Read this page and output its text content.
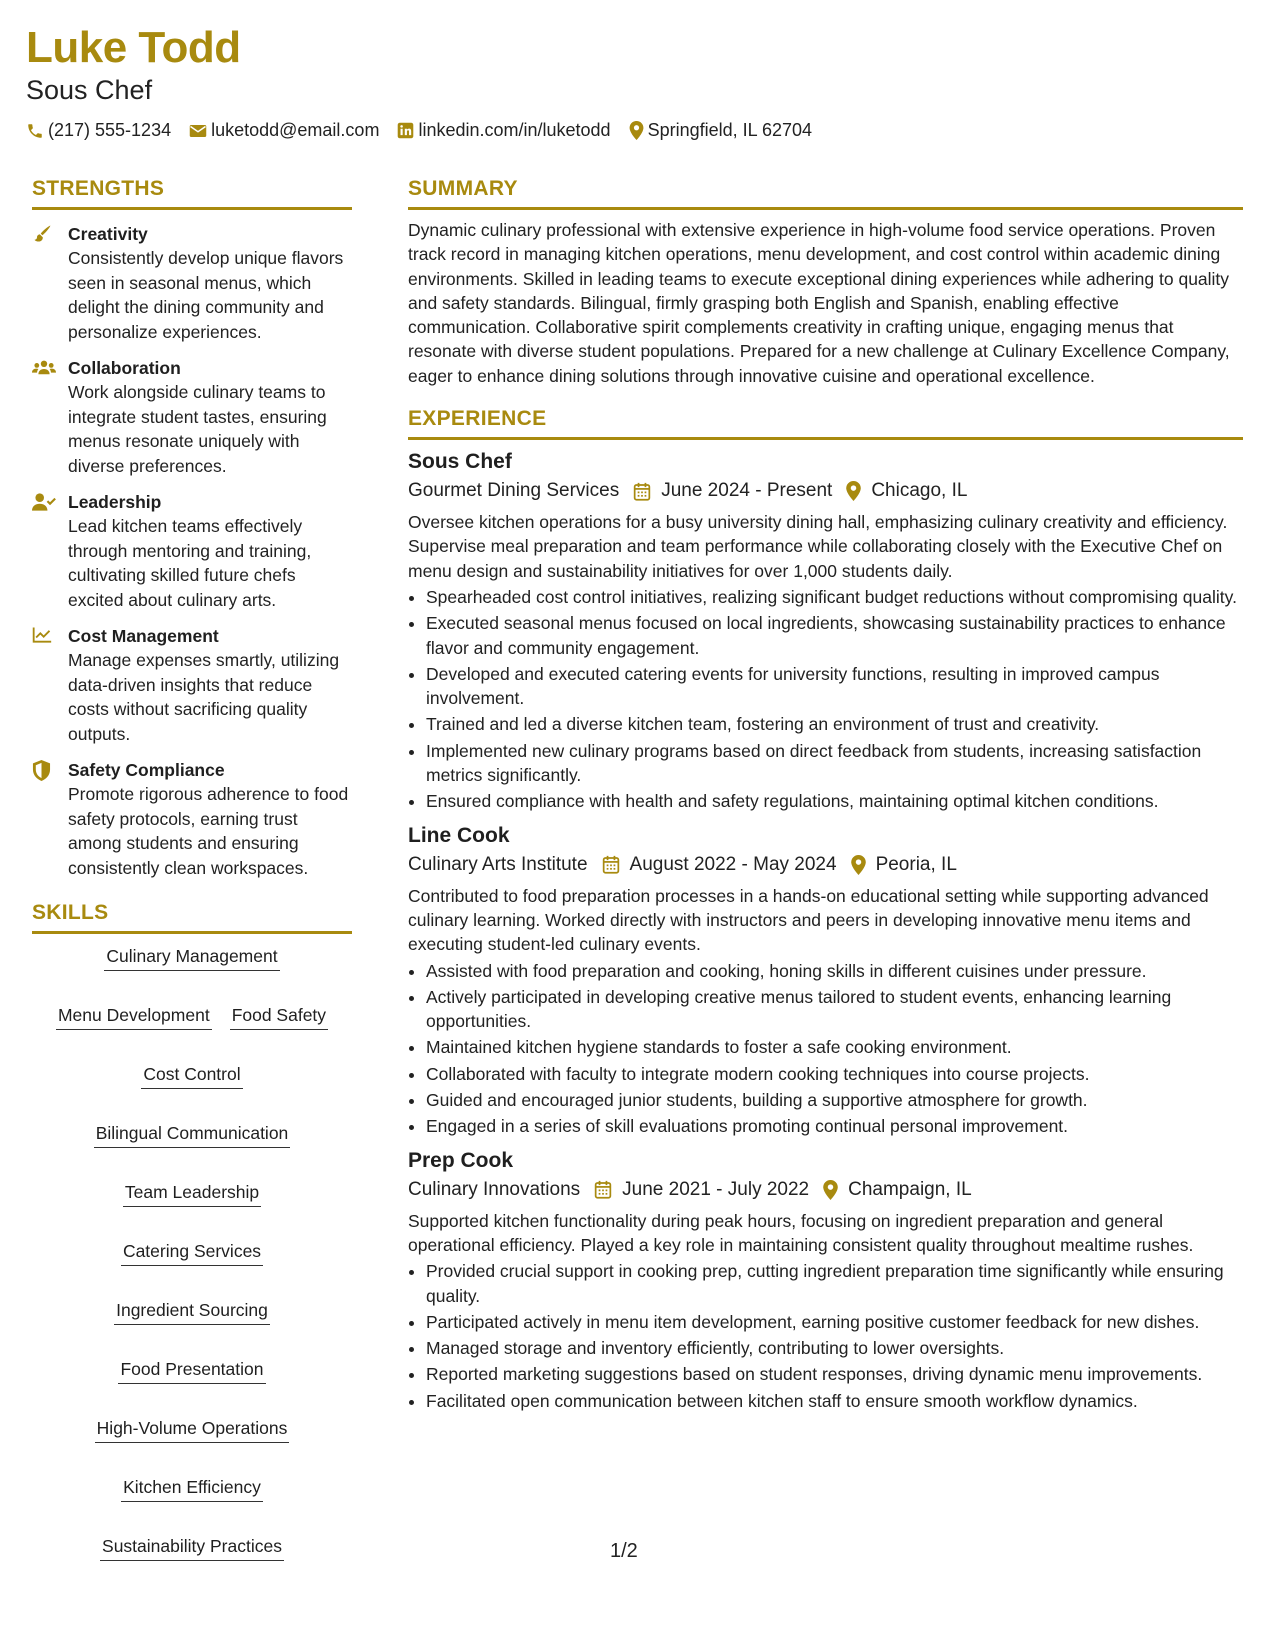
Luke Todd
Sous Chef
(217) 555-1234 luketodd@email.com linkedin.com/in/luketodd Springfield, IL 62704
STRENGTHS
Creativity
Consistently develop unique flavors seen in seasonal menus, which delight the dining community and personalize experiences.
Collaboration
Work alongside culinary teams to integrate student tastes, ensuring menus resonate uniquely with diverse preferences.
Leadership
Lead kitchen teams effectively through mentoring and training, cultivating skilled future chefs excited about culinary arts.
Cost Management
Manage expenses smartly, utilizing data-driven insights that reduce costs without sacrificing quality outputs.
Safety Compliance
Promote rigorous adherence to food safety protocols, earning trust among students and ensuring consistently clean workspaces.
SKILLS
Culinary Management
Menu Development Food Safety
Cost Control
Bilingual Communication
Team Leadership
Catering Services
Ingredient Sourcing
Food Presentation
High-Volume Operations
Kitchen Efficiency
Sustainability Practices
SUMMARY
Dynamic culinary professional with extensive experience in high-volume food service operations. Proven track record in managing kitchen operations, menu development, and cost control within academic dining environments. Skilled in leading teams to execute exceptional dining experiences while adhering to quality and safety standards. Bilingual, firmly grasping both English and Spanish, enabling effective communication. Collaborative spirit complements creativity in crafting unique, engaging menus that resonate with diverse student populations. Prepared for a new challenge at Culinary Excellence Company, eager to enhance dining solutions through innovative cuisine and operational excellence.
EXPERIENCE
Sous Chef
Gourmet Dining Services June 2024 - Present Chicago, IL
Oversee kitchen operations for a busy university dining hall, emphasizing culinary creativity and efficiency. Supervise meal preparation and team performance while collaborating closely with the Executive Chef on menu design and sustainability initiatives for over 1,000 students daily.
• Spearheaded cost control initiatives, realizing significant budget reductions without compromising quality.
• Executed seasonal menus focused on local ingredients, showcasing sustainability practices to enhance flavor and community engagement.
• Developed and executed catering events for university functions, resulting in improved campus involvement.
• Trained and led a diverse kitchen team, fostering an environment of trust and creativity.
• Implemented new culinary programs based on direct feedback from students, increasing satisfaction metrics significantly.
• Ensured compliance with health and safety regulations, maintaining optimal kitchen conditions.
Line Cook
Culinary Arts Institute August 2022 - May 2024 Peoria, IL
Contributed to food preparation processes in a hands-on educational setting while supporting advanced culinary learning. Worked directly with instructors and peers in developing innovative menu items and executing student-led culinary events.
• Assisted with food preparation and cooking, honing skills in different cuisines under pressure.
• Actively participated in developing creative menus tailored to student events, enhancing learning opportunities.
• Maintained kitchen hygiene standards to foster a safe cooking environment.
• Collaborated with faculty to integrate modern cooking techniques into course projects.
• Guided and encouraged junior students, building a supportive atmosphere for growth.
• Engaged in a series of skill evaluations promoting continual personal improvement.
Prep Cook
Culinary Innovations June 2021 - July 2022 Champaign, IL
Supported kitchen functionality during peak hours, focusing on ingredient preparation and general operational efficiency. Played a key role in maintaining consistent quality throughout mealtime rushes.
• Provided crucial support in cooking prep, cutting ingredient preparation time significantly while ensuring quality.
• Participated actively in menu item development, earning positive customer feedback for new dishes.
• Managed storage and inventory efficiently, contributing to lower oversights.
• Reported marketing suggestions based on student responses, driving dynamic menu improvements.
• Facilitated open communication between kitchen staff to ensure smooth workflow dynamics.
1/2
